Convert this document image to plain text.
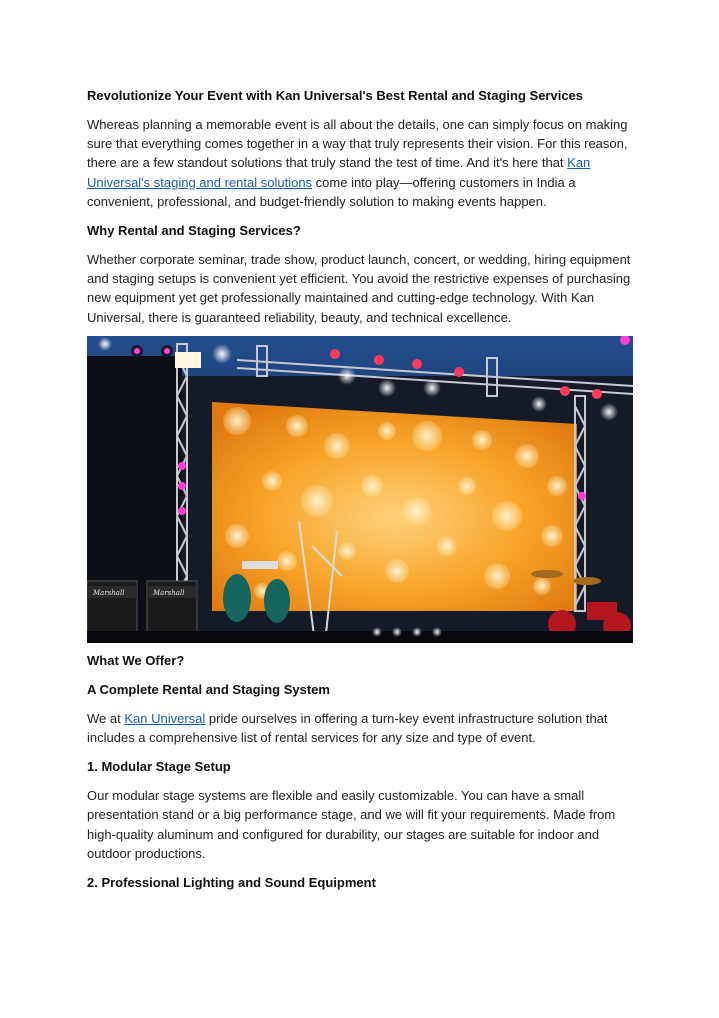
Revolutionize Your Event with Kan Universal's Best Rental and Staging Services

Whereas planning a memorable event is all about the details, one can simply focus on making sure that everything comes together in a way that truly represents their vision. For this reason, there are a few standout solutions that truly stand the test of time. And it's here that Kan Universal's staging and rental solutions come into play—offering customers in India a convenient, professional, and budget-friendly solution to making events happen.

Why Rental and Staging Services?

Whether corporate seminar, trade show, product launch, concert, or wedding, hiring equipment and staging setups is convenient yet efficient. You avoid the restrictive expenses of purchasing new equipment yet get professionally maintained and cutting-edge technology. With Kan Universal, there is guaranteed reliability, beauty, and technical excellence.

Marshall	Marshall
What We Offer?
A Complete Rental and Staging System

We at Kan Universal pride ourselves in offering a turn-key event infrastructure solution that includes a comprehensive list of rental services for any size and type of event.

1. Modular Stage Setup

Our modular stage systems are flexible and easily customizable. You can have a small presentation stand or a big performance stage, and we will fit your requirements. Made from high-quality aluminum and configured for durability, our stages are suitable for indoor and outdoor productions.

2. Professional Lighting and Sound Equipment
